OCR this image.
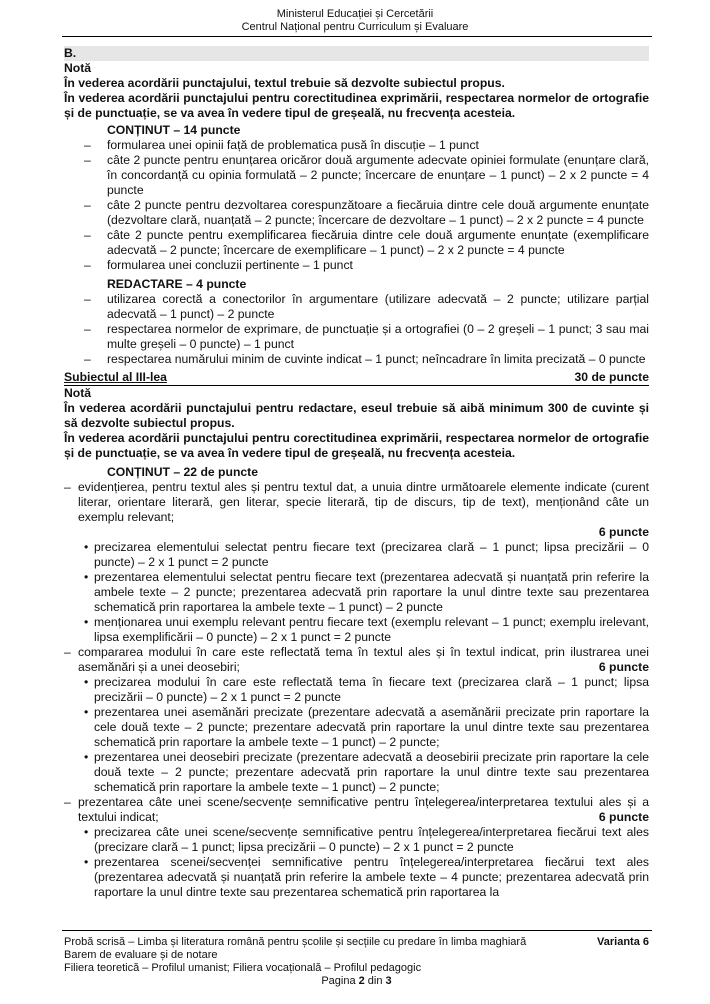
Ministerul Educației și Cercetării
Centrul Național pentru Curriculum și Evaluare
B.
Notă
În vederea acordării punctajului, textul trebuie să dezvolte subiectul propus.
În vederea acordării punctajului pentru corectitudinea exprimării, respectarea normelor de ortografie și de punctuație, se va avea în vedere tipul de greșeală, nu frecvența acesteia.
CONȚINUT – 14 puncte
– formularea unei opinii față de problematica pusă în discuție – 1 punct
– câte 2 puncte pentru enunțarea oricăror două argumente adecvate opiniei formulate (enunțare clară, în concordanță cu opinia formulată – 2 puncte; încercare de enunțare – 1 punct) – 2 x 2 puncte = 4 puncte
– câte 2 puncte pentru dezvoltarea corespunzătoare a fiecăruia dintre cele două argumente enunțate (dezvoltare clară, nuanțată – 2 puncte; încercare de dezvoltare – 1 punct) – 2 x 2 puncte = 4 puncte
– câte 2 puncte pentru exemplificarea fiecăruia dintre cele două argumente enunțate (exemplificare adecvată – 2 puncte; încercare de exemplificare – 1 punct) – 2 x 2 puncte = 4 puncte
– formularea unei concluzii pertinente – 1 punct
REDACTARE – 4 puncte
– utilizarea corectă a conectorilor în argumentare (utilizare adecvată – 2 puncte; utilizare parțial adecvată – 1 punct) – 2 puncte
– respectarea normelor de exprimare, de punctuație și a ortografiei (0 – 2 greșeli – 1 punct; 3 sau mai multe greșeli – 0 puncte) – 1 punct
– respectarea numărului minim de cuvinte indicat – 1 punct; neîncadrare în limita precizată – 0 puncte
Subiectul al III-lea	30 de puncte
Notă
În vederea acordării punctajului pentru redactare, eseul trebuie să aibă minimum 300 de cuvinte și să dezvolte subiectul propus.
În vederea acordării punctajului pentru corectitudinea exprimării, respectarea normelor de ortografie și de punctuație, se va avea în vedere tipul de greșeală, nu frecvența acesteia.
CONȚINUT – 22 de puncte
– evidențierea, pentru textul ales și pentru textul dat, a unuia dintre următoarele elemente indicate (curent literar, orientare literară, gen literar, specie literară, tip de discurs, tip de text), menționând câte un exemplu relevant;
6 puncte
• precizarea elementului selectat pentru fiecare text (precizarea clară – 1 punct; lipsa precizării – 0 puncte) – 2 x 1 punct = 2 puncte
• prezentarea elementului selectat pentru fiecare text (prezentarea adecvată și nuanțată prin referire la ambele texte – 2 puncte; prezentarea adecvată prin raportare la unul dintre texte sau prezentarea schematică prin raportarea la ambele texte – 1 punct) – 2 puncte
• menționarea unui exemplu relevant pentru fiecare text (exemplu relevant – 1 punct; exemplu irelevant, lipsa exemplificării – 0 puncte) – 2 x 1 punct = 2 puncte
– compararea modului în care este reflectată tema în textul ales și în textul indicat, prin ilustrarea unei asemănări și a unei deosebiri;	6 puncte
• precizarea modului în care este reflectată tema în fiecare text (precizarea clară – 1 punct; lipsa precizării – 0 puncte) – 2 x 1 punct = 2 puncte
• prezentarea unei asemănări precizate (prezentare adecvată a asemănării precizate prin raportare la cele două texte – 2 puncte; prezentare adecvată prin raportare la unul dintre texte sau prezentarea schematică prin raportare la ambele texte – 1 punct) – 2 puncte;
• prezentarea unei deosebiri precizate (prezentare adecvată a deosebirii precizate prin raportare la cele două texte – 2 puncte; prezentare adecvată prin raportare la unul dintre texte sau prezentarea schematică prin raportare la ambele texte – 1 punct) – 2 puncte;
– prezentarea câte unei scene/secvențe semnificative pentru înțelegerea/interpretarea textului ales și a textului indicat;	6 puncte
• precizarea câte unei scene/secvențe semnificative pentru înțelegerea/interpretarea fiecărui text ales (precizare clară – 1 punct; lipsa precizării – 0 puncte) – 2 x 1 punct = 2 puncte
• prezentarea scenei/secvenței semnificative pentru înțelegerea/interpretarea fiecărui text ales (prezentarea adecvată și nuanțată prin referire la ambele texte – 4 puncte; prezentarea adecvată prin raportare la unul dintre texte sau prezentarea schematică prin raportarea la
Probă scrisă – Limba și literatura română pentru școlile și secțiile cu predare în limba maghiară	Varianta 6
Barem de evaluare și de notare
Filiera teoretică – Profilul umanist; Filiera vocațională – Profilul pedagogic
Pagina 2 din 3
